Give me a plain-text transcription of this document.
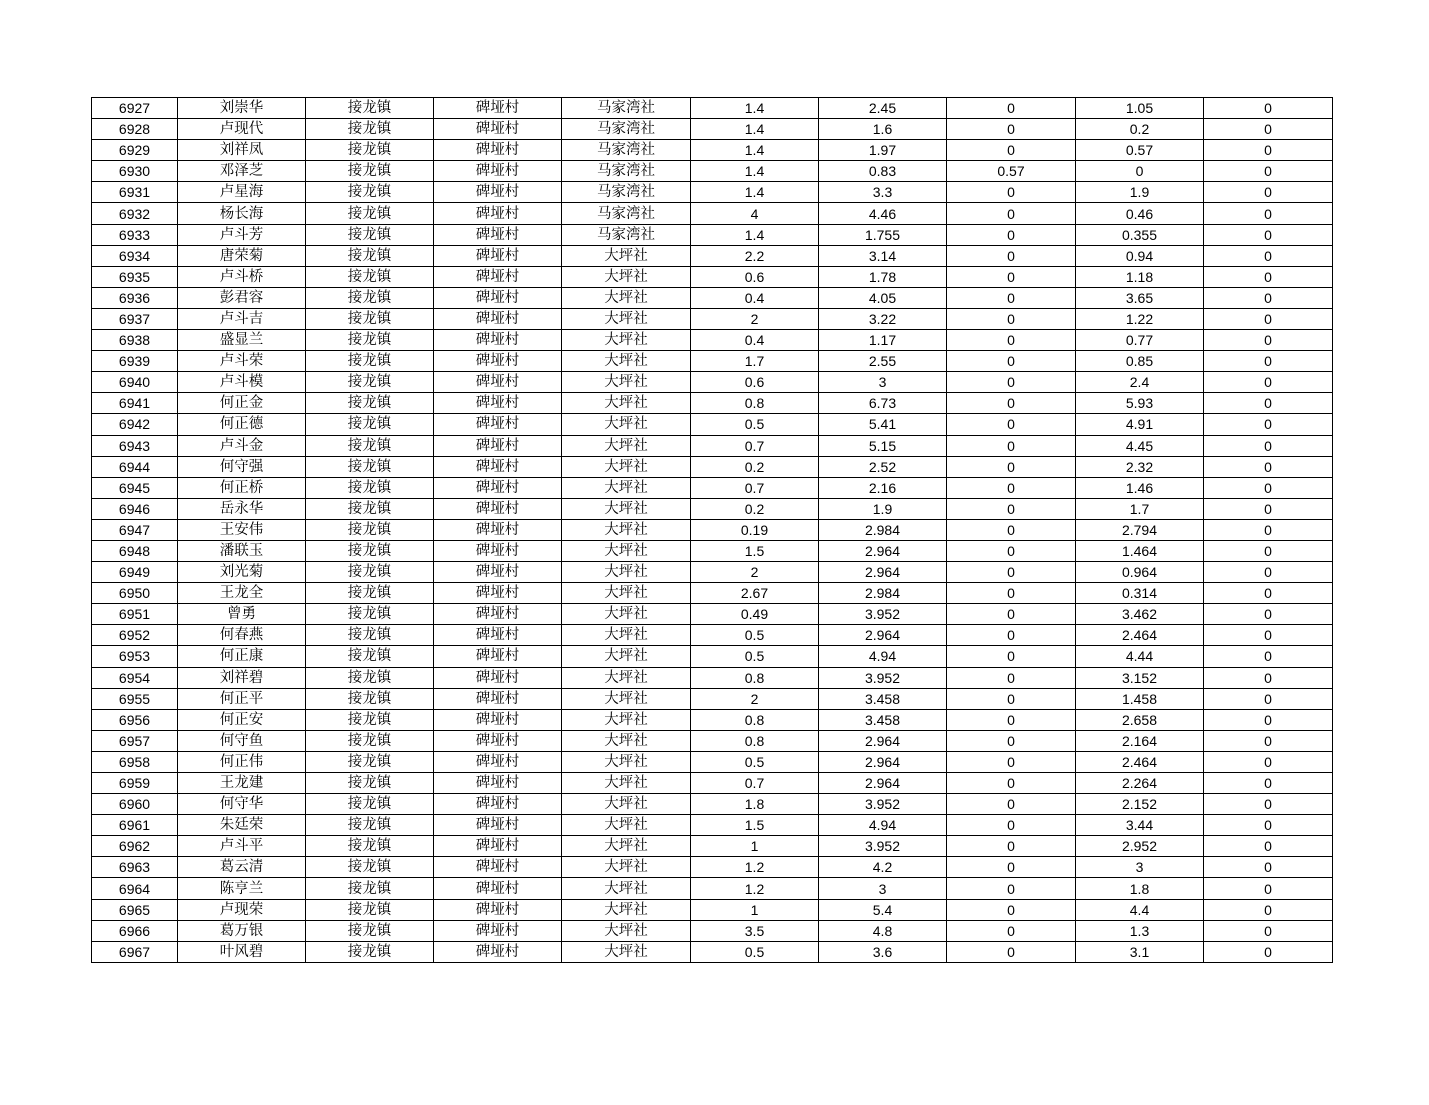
6927	刘崇华	接龙镇	碑垭村	马家湾社	1.4	2.45	0	1.05	0
6928	卢现代	接龙镇	碑垭村	马家湾社	1.4	1.6	0	0.2	0
6929	刘祥凤	接龙镇	碑垭村	马家湾社	1.4	1.97	0	0.57	0
6930	邓泽芝	接龙镇	碑垭村	马家湾社	1.4	0.83	0.57	0	0
6931	卢星海	接龙镇	碑垭村	马家湾社	1.4	3.3	0	1.9	0
6932	杨长海	接龙镇	碑垭村	马家湾社	4	4.46	0	0.46	0
6933	卢斗芳	接龙镇	碑垭村	马家湾社	1.4	1.755	0	0.355	0
6934	唐荣菊	接龙镇	碑垭村	大坪社	2.2	3.14	0	0.94	0
6935	卢斗桥	接龙镇	碑垭村	大坪社	0.6	1.78	0	1.18	0
6936	彭君容	接龙镇	碑垭村	大坪社	0.4	4.05	0	3.65	0
6937	卢斗吉	接龙镇	碑垭村	大坪社	2	3.22	0	1.22	0
6938	盛显兰	接龙镇	碑垭村	大坪社	0.4	1.17	0	0.77	0
6939	卢斗荣	接龙镇	碑垭村	大坪社	1.7	2.55	0	0.85	0
6940	卢斗模	接龙镇	碑垭村	大坪社	0.6	3	0	2.4	0
6941	何正金	接龙镇	碑垭村	大坪社	0.8	6.73	0	5.93	0
6942	何正德	接龙镇	碑垭村	大坪社	0.5	5.41	0	4.91	0
6943	卢斗金	接龙镇	碑垭村	大坪社	0.7	5.15	0	4.45	0
6944	何守强	接龙镇	碑垭村	大坪社	0.2	2.52	0	2.32	0
6945	何正桥	接龙镇	碑垭村	大坪社	0.7	2.16	0	1.46	0
6946	岳永华	接龙镇	碑垭村	大坪社	0.2	1.9	0	1.7	0
6947	王安伟	接龙镇	碑垭村	大坪社	0.19	2.984	0	2.794	0
6948	潘联玉	接龙镇	碑垭村	大坪社	1.5	2.964	0	1.464	0
6949	刘光菊	接龙镇	碑垭村	大坪社	2	2.964	0	0.964	0
6950	王龙全	接龙镇	碑垭村	大坪社	2.67	2.984	0	0.314	0
6951	曾勇	接龙镇	碑垭村	大坪社	0.49	3.952	0	3.462	0
6952	何春燕	接龙镇	碑垭村	大坪社	0.5	2.964	0	2.464	0
6953	何正康	接龙镇	碑垭村	大坪社	0.5	4.94	0	4.44	0
6954	刘祥碧	接龙镇	碑垭村	大坪社	0.8	3.952	0	3.152	0
6955	何正平	接龙镇	碑垭村	大坪社	2	3.458	0	1.458	0
6956	何正安	接龙镇	碑垭村	大坪社	0.8	3.458	0	2.658	0
6957	何守鱼	接龙镇	碑垭村	大坪社	0.8	2.964	0	2.164	0
6958	何正伟	接龙镇	碑垭村	大坪社	0.5	2.964	0	2.464	0
6959	王龙建	接龙镇	碑垭村	大坪社	0.7	2.964	0	2.264	0
6960	何守华	接龙镇	碑垭村	大坪社	1.8	3.952	0	2.152	0
6961	朱廷荣	接龙镇	碑垭村	大坪社	1.5	4.94	0	3.44	0
6962	卢斗平	接龙镇	碑垭村	大坪社	1	3.952	0	2.952	0
6963	葛云清	接龙镇	碑垭村	大坪社	1.2	4.2	0	3	0
6964	陈亨兰	接龙镇	碑垭村	大坪社	1.2	3	0	1.8	0
6965	卢现荣	接龙镇	碑垭村	大坪社	1	5.4	0	4.4	0
6966	葛万银	接龙镇	碑垭村	大坪社	3.5	4.8	0	1.3	0
6967	叶风碧	接龙镇	碑垭村	大坪社	0.5	3.6	0	3.1	0
